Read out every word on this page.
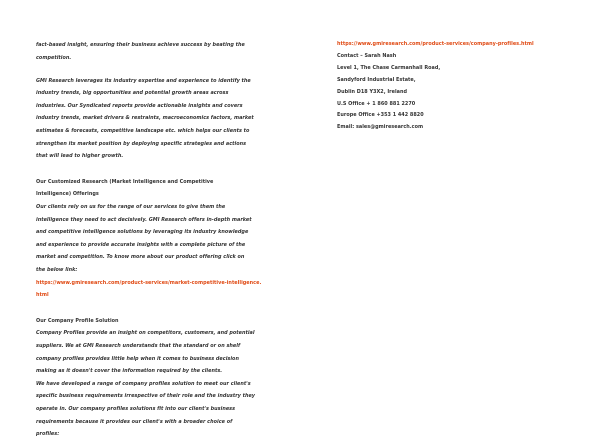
fact-based insight, ensuring their business achieve success by beating the
competition.
GMI Research leverages its industry expertise and experience to identify the
industry trends, big opportunities and potential growth areas across
industries. Our Syndicated reports provide actionable insights and covers
industry trends, market drivers & restraints, macroeconomics factors, market
estimates & forecasts, competitive landscape etc. which helps our clients to
strengthen its market position by deploying specific strategies and actions
that will lead to higher growth.
Our Customized Research (Market Intelligence and Competitive
Intelligence) Offerings
Our clients rely on us for the range of our services to give them the
intelligence they need to act decisively. GMI Research offers in-depth market
and competitive intelligence solutions by leveraging its industry knowledge
and experience to provide accurate insights with a complete picture of the
market and competition. To know more about our product offering click on
the below link:
https://www.gmiresearch.com/product-services/market-competitive-intelligence.
html
Our Company Profile Solution
Company Profiles provide an insight on competitors, customers, and potential
suppliers. We at GMI Research understands that the standard or on shelf
company profiles provides little help when it comes to business decision
making as it doesn't cover the information required by the clients.
We have developed a range of company profiles solution to meet our client's
specific business requirements irrespective of their role and the industry they
operate in. Our company profiles solutions fit into our client's business
requirements because it provides our client's with a broader choice of
profiles:
https://www.gmiresearch.com/product-services/company-profiles.html
Contact – Sarah Nash
Level 1, The Chase Carmanhall Road,
Sandyford Industrial Estate,
Dublin D18 Y3X2, Ireland
U.S Office + 1 860 881 2270
Europe Office +353 1 442 8820
Email: sales@gmiresearch.com
